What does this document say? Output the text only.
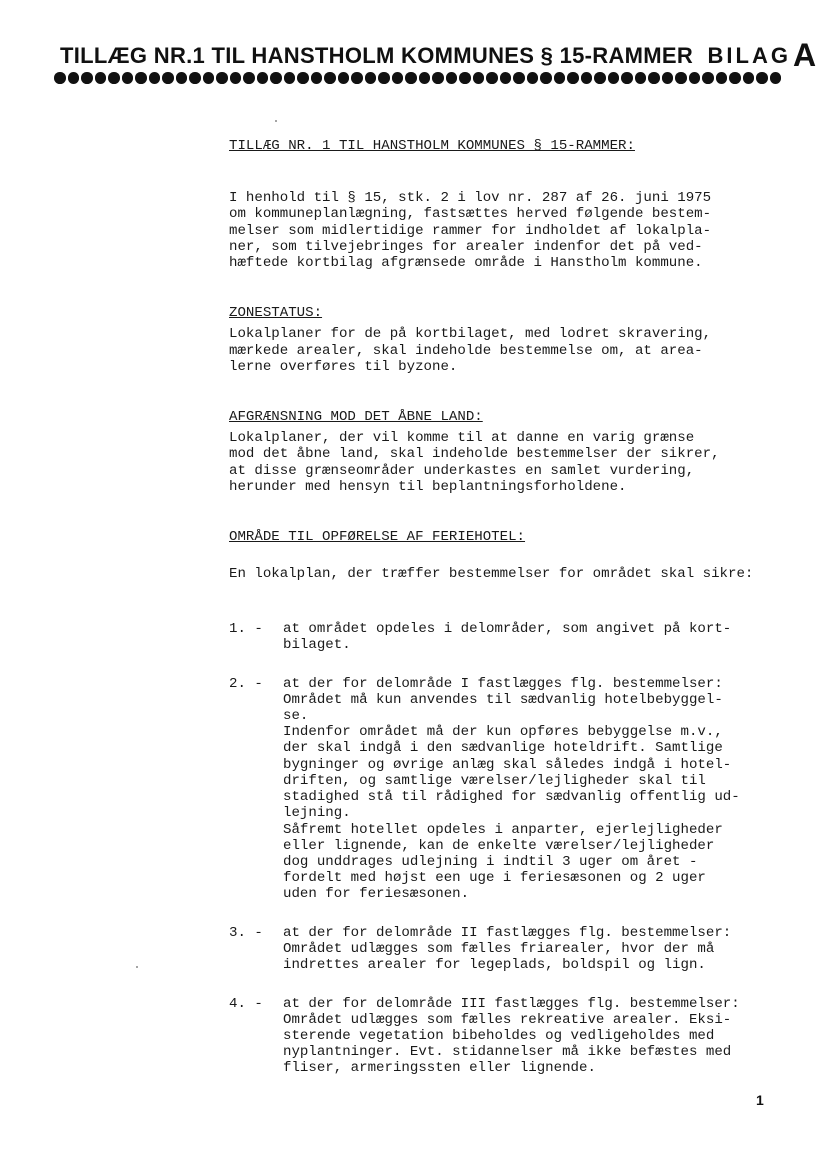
TILLÆG NR.1 TIL HANSTHOLM KOMMUNES § 15-RAMMER BILAGA
TILLÆG NR. 1 TIL HANSTHOLM KOMMUNES § 15-RAMMER:
I henhold til § 15, stk. 2 i lov nr. 287 af 26. juni 1975
om kommuneplanlægning, fastsættes herved følgende bestem-
melser som midlertidige rammer for indholdet af lokalpla-
ner, som tilvejebringes for arealer indenfor det på ved-
hæftede kortbilag afgrænsede område i Hanstholm kommune.
ZONESTATUS:
Lokalplaner for de på kortbilaget, med lodret skravering,
mærkede arealer, skal indeholde bestemmelse om, at area-
lerne overføres til byzone.
AFGRÆNSNING MOD DET ÅBNE LAND:
Lokalplaner, der vil komme til at danne en varig grænse
mod det åbne land, skal indeholde bestemmelser der sikrer,
at disse grænseområder underkastes en samlet vurdering,
herunder med hensyn til beplantningsforholdene.
OMRÅDE TIL OPFØRELSE AF FERIEHOTEL:

En lokalplan, der træffer bestemmelser for området skal sikre:

1. -	at området opdeles i delområder, som angivet på kort-
bilaget.

2. -	at der for delområde I fastlægges flg. bestemmelser:
Området må kun anvendes til sædvanlig hotelbebyggel-
se.
Indenfor området må der kun opføres bebyggelse m.v.,
der skal indgå i den sædvanlige hoteldrift. Samtlige
bygninger og øvrige anlæg skal således indgå i hotel-
driften, og samtlige værelser/lejligheder skal til
stadighed stå til rådighed for sædvanlig offentlig ud-
lejning.
Såfremt hotellet opdeles i anparter, ejerlejligheder
eller lignende, kan de enkelte værelser/lejligheder
dog unddrages udlejning i indtil 3 uger om året -
fordelt med højst een uge i feriesæsonen og 2 uger
uden for feriesæsonen.

3. -	at der for delområde II fastlægges flg. bestemmelser:
Området udlægges som fælles friarealer, hvor der må
indrettes arealer for legeplads, boldspil og lign.

4. -	at der for delområde III fastlægges flg. bestemmelser:
Området udlægges som fælles rekreative arealer. Eksi-
sterende vegetation bibeholdes og vedligeholdes med
nyplantninger. Evt. stidannelser må ikke befæstes med
fliser, armeringssten eller lignende.

1
